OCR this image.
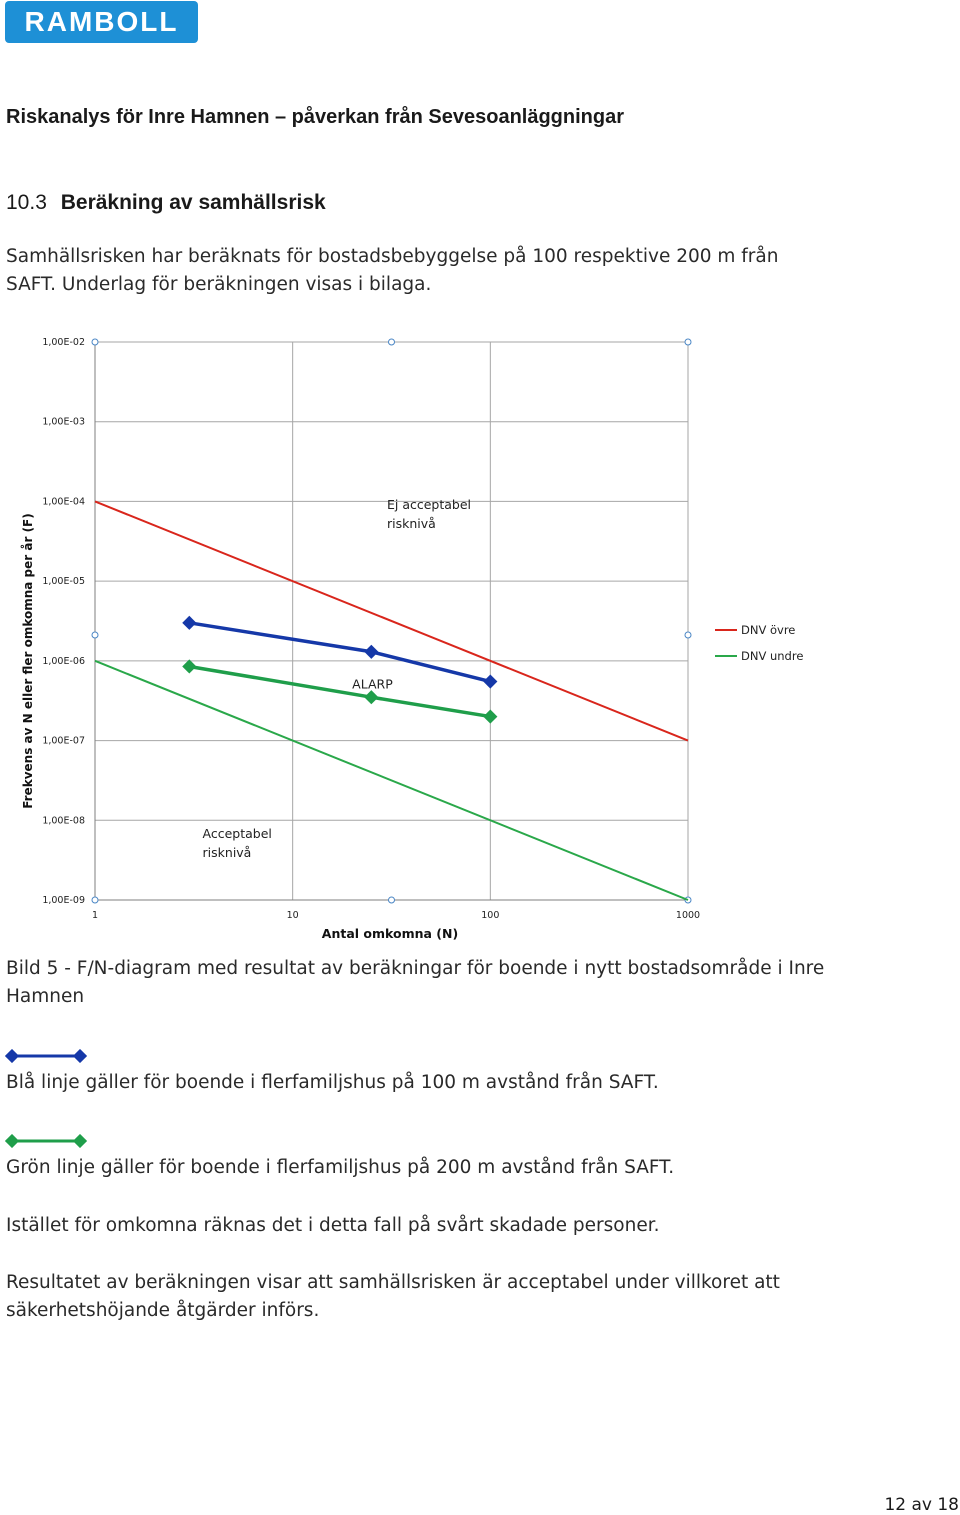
RAMBOLL
Riskanalys för Inre Hamnen – påverkan från Sevesoanläggningar
10.3 Beräkning av samhällsrisk
Samhällsrisken har beräknats för bostadsbebyggelse på 100 respektive 200 m från SAFT. Underlag för beräkningen visas i bilaga.
1,00E-09
1,00E-08
1,00E-07
1,00E-06
1,00E-05
1,00E-04
1,00E-03
1,00E-02
1	10	100	1000
Antal omkomna (N)
Frekvens av N eller fler omkomna per år (F)	DNV övre
DNV undre
Ej acceptabel
risknivå
ALARP
Acceptabel
risknivå
Bild 5 - F/N-diagram med resultat av beräkningar för boende i nytt bostadsområde i Inre Hamnen
Blå linje gäller för boende i flerfamiljshus på 100 m avstånd från SAFT.
Grön linje gäller för boende i flerfamiljshus på 200 m avstånd från SAFT.
Istället för omkomna räknas det i detta fall på svårt skadade personer.
Resultatet av beräkningen visar att samhällsrisken är acceptabel under villkoret att säkerhetshöjande åtgärder införs.
12 av 18
